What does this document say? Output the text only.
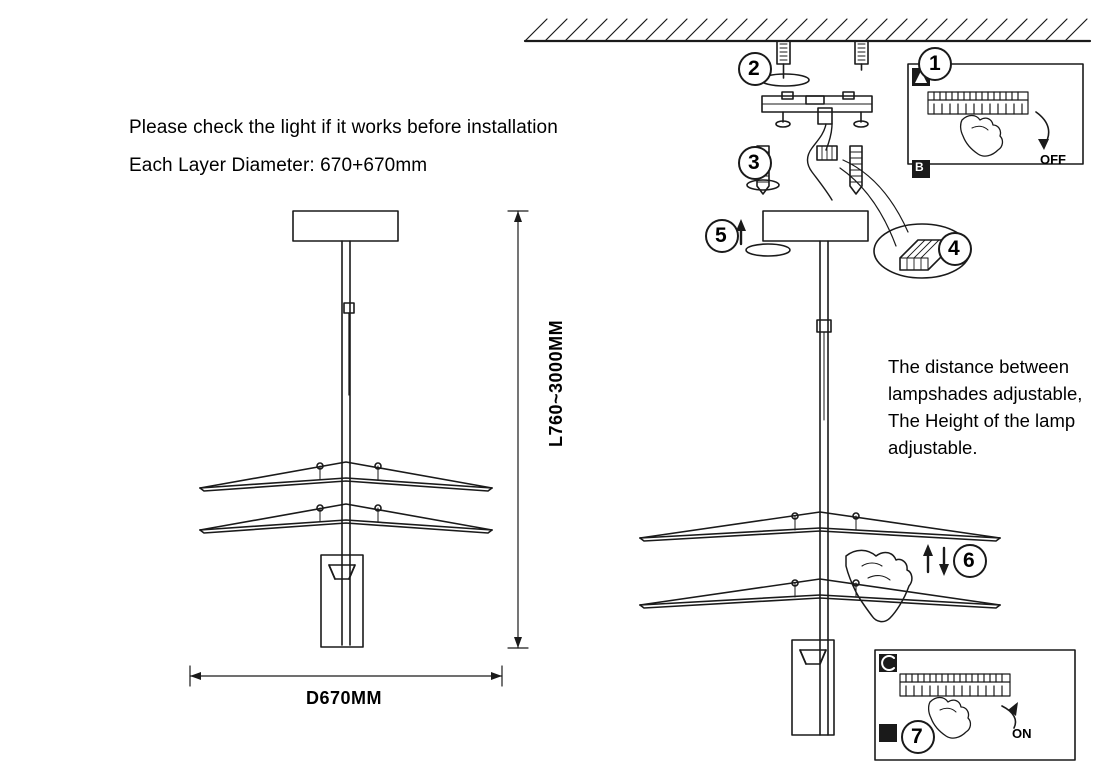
Please check the light if it works before installation
Each Layer Diameter: 670+670mm
The distance between
lampshades adjustable,
The Height of the lamp
adjustable.
L760~3000MM
D670MM
2
3
4
5
6
1
7
OFF
ON
B
